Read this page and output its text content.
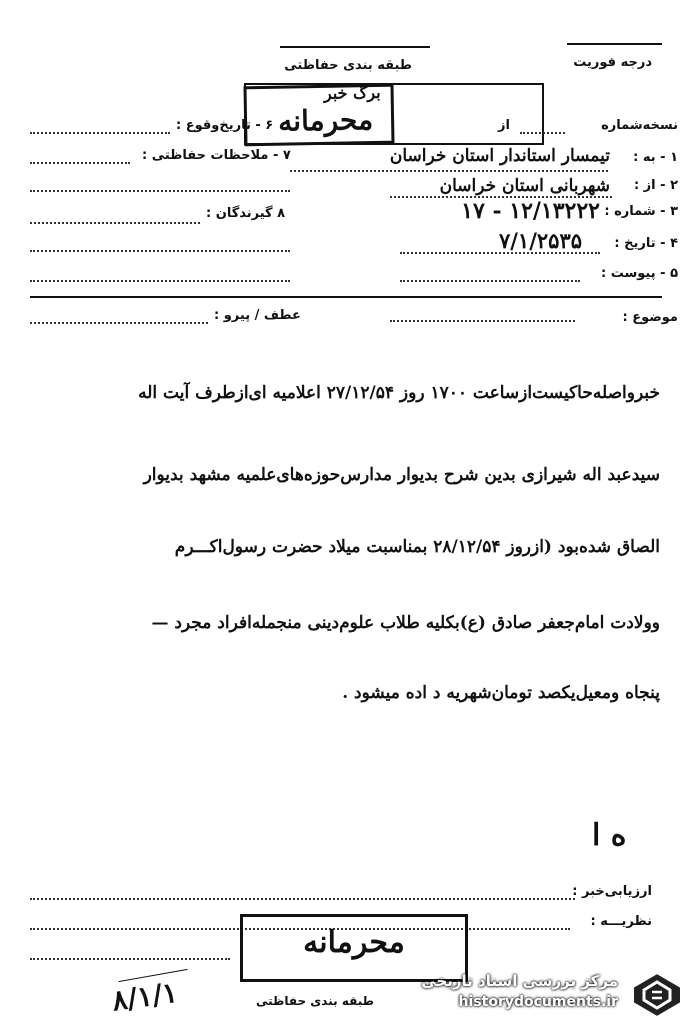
درجه فوریت
طبقه بندی حفاظتی
برگ خبر
محرمانه	نسخه‌شماره
از
۱ - به :
تیمسار استاندار استان خراسان
۲ - از :
شهربانی استان خراسان
۳ - شماره :
۱۲/۱۳۲۲۲ - ۱۷
۴ - تاریخ :
۷/۱/۲۵۳۵
۵ - پیوست :
۶ - تاریخ‌وقوع :
۷ - ملاحظات حفاظتی :
۸ گیرندگان :
موضوع :
عطف / پیرو :
خبرواصله‌حاکیست‌ازساعت ۱۷۰۰ روز ۲۷/۱۲/۵۴ اعلامیه ای‌ازطرف آیت اله
سیدعبد اله شیرازی بدین شرح بدیوار مدارس‌حوزه‌های‌علمیه مشهد بدیوار
الصاق شده‌بود (ازروز ۲۸/۱۲/۵۴ بمناسبت میلاد حضرت رسول‌اکـــرم
وولادت امام‌جعفر صادق (ع)بکلیه طلاب علوم‌دینی منجمله‌افراد مجرد —
پنجاه ومعیل‌یکصد تومان‌شهریه د اده میشود .
ه ا
ارزیابی‌خبر :
نظریـــه :
محرمانه
طبقه بندی حفاظتی
۸/۱/۱	مرکز بررسی اسناد تاریخی
historydocuments.ir
